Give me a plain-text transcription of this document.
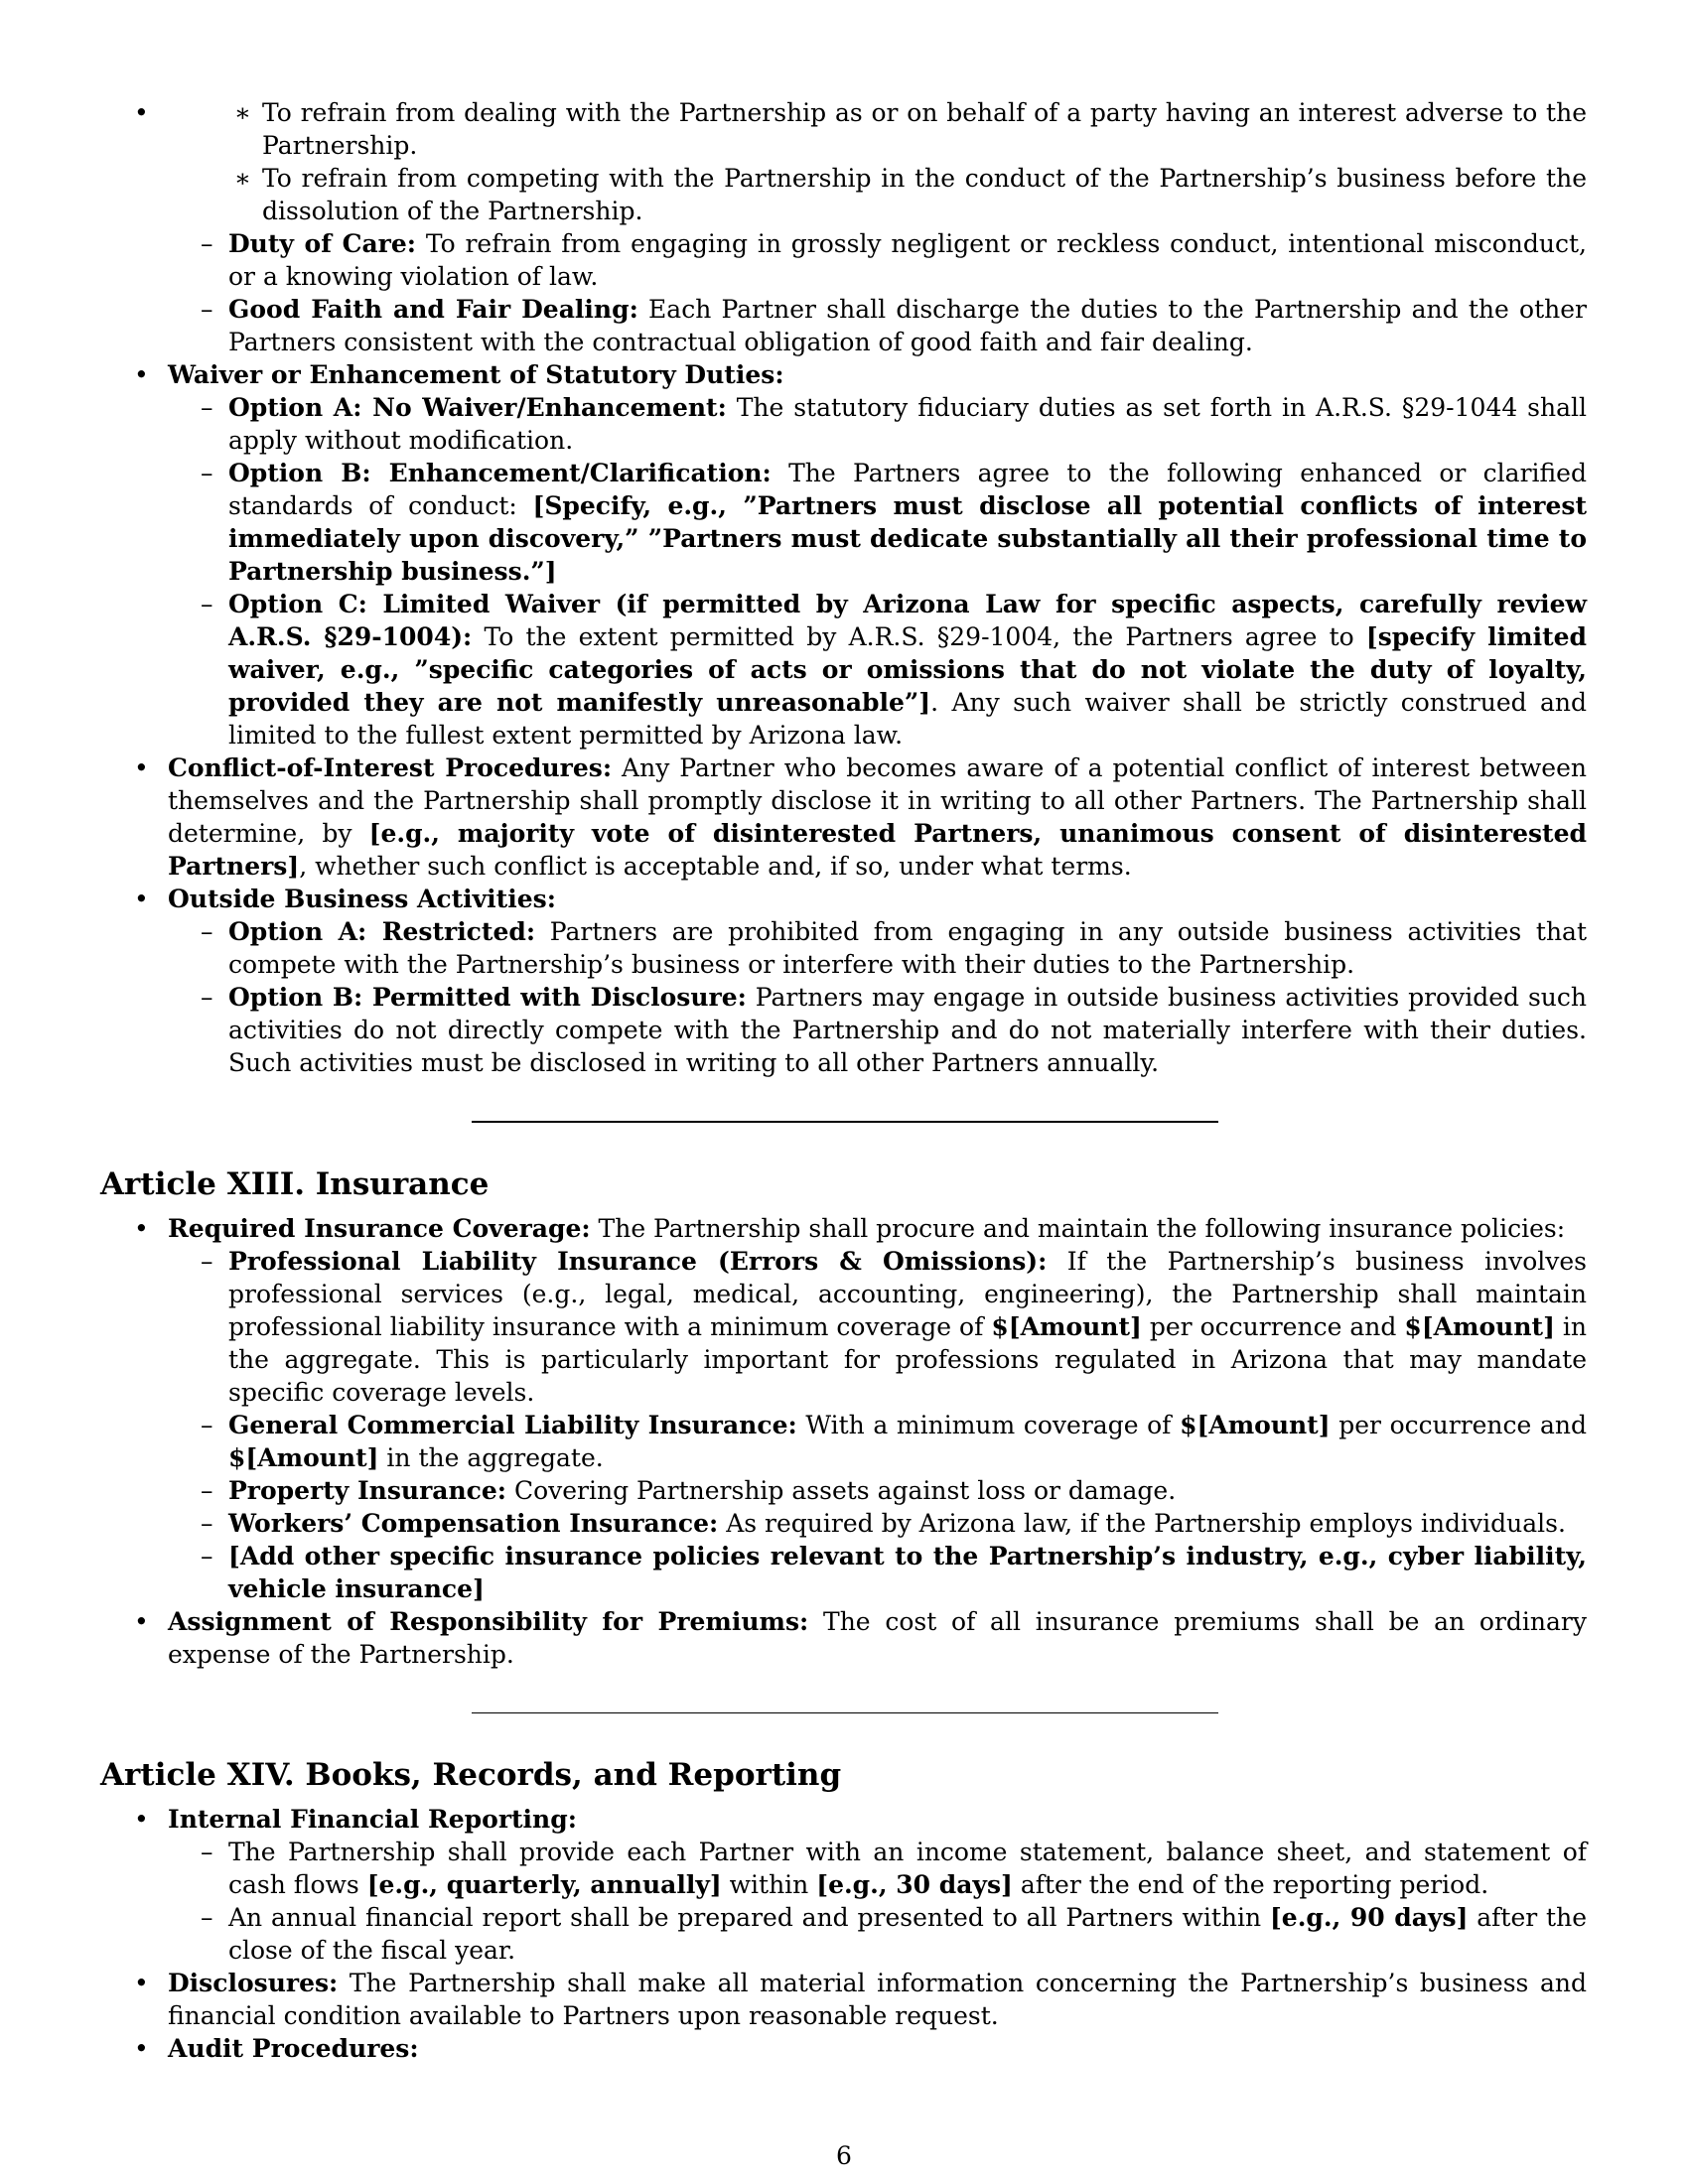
∗ • To refrain from dealing with the Partnership as or on behalf of a party having an interest adverse to the Partnership.
∗ To refrain from competing with the Partnership in the conduct of the Partnership’s business before the dissolution of the Partnership.
– Duty of Care: To refrain from engaging in grossly negligent or reckless conduct, intentional misconduct, or a knowing violation of law.
– Good Faith and Fair Dealing: Each Partner shall discharge the duties to the Partnership and the other Partners consistent with the contractual obligation of good faith and fair dealing.
• Waiver or Enhancement of Statutory Duties:
– Option A: No Waiver/Enhancement: The statutory fiduciary duties as set forth in A.R.S. §29-1044 shall apply without modification.
– Option B: Enhancement/Clarification: The Partners agree to the following enhanced or clarified standards of conduct: [Specify, e.g., ”Partners must disclose all potential conflicts of interest immediately upon discovery,” ”Partners must dedicate substantially all their professional time to Partnership business.”]
– Option C: Limited Waiver (if permitted by Arizona Law for specific aspects, carefully review A.R.S. §29-1004): To the extent permitted by A.R.S. §29-1004, the Partners agree to [specify limited waiver, e.g., ”specific categories of acts or omissions that do not violate the duty of loyalty, provided they are not manifestly unreasonable”]. Any such waiver shall be strictly construed and limited to the fullest extent permitted by Arizona law.
• Conflict-of-Interest Procedures: Any Partner who becomes aware of a potential conflict of interest between themselves and the Partnership shall promptly disclose it in writing to all other Partners. The Partnership shall determine, by [e.g., majority vote of disinterested Partners, unanimous consent of disinterested Partners], whether such conflict is acceptable and, if so, under what terms.
• Outside Business Activities:
– Option A: Restricted: Partners are prohibited from engaging in any outside business activities that compete with the Partnership’s business or interfere with their duties to the Partnership.
– Option B: Permitted with Disclosure: Partners may engage in outside business activities provided such activities do not directly compete with the Partnership and do not materially interfere with their duties. Such activities must be disclosed in writing to all other Partners annually.
Article XIII. Insurance
• Required Insurance Coverage: The Partnership shall procure and maintain the following insurance policies:
– Professional Liability Insurance (Errors & Omissions): If the Partnership’s business involves professional services (e.g., legal, medical, accounting, engineering), the Partnership shall maintain professional liability insurance with a minimum coverage of $[Amount] per occurrence and $[Amount] in the aggregate. This is particularly important for professions regulated in Arizona that may mandate specific coverage levels.
– General Commercial Liability Insurance: With a minimum coverage of $[Amount] per occurrence and $[Amount] in the aggregate.
– Property Insurance: Covering Partnership assets against loss or damage.
– Workers’ Compensation Insurance: As required by Arizona law, if the Partnership employs individuals.
– [Add other specific insurance policies relevant to the Partnership’s industry, e.g., cyber liability, vehicle insurance]
• Assignment of Responsibility for Premiums: The cost of all insurance premiums shall be an ordinary expense of the Partnership.
Article XIV. Books, Records, and Reporting
• Internal Financial Reporting:
– The Partnership shall provide each Partner with an income statement, balance sheet, and statement of cash flows [e.g., quarterly, annually] within [e.g., 30 days] after the end of the reporting period.
– An annual financial report shall be prepared and presented to all Partners within [e.g., 90 days] after the close of the fiscal year.
• Disclosures: The Partnership shall make all material information concerning the Partnership’s business and financial condition available to Partners upon reasonable request.
• Audit Procedures:
6
